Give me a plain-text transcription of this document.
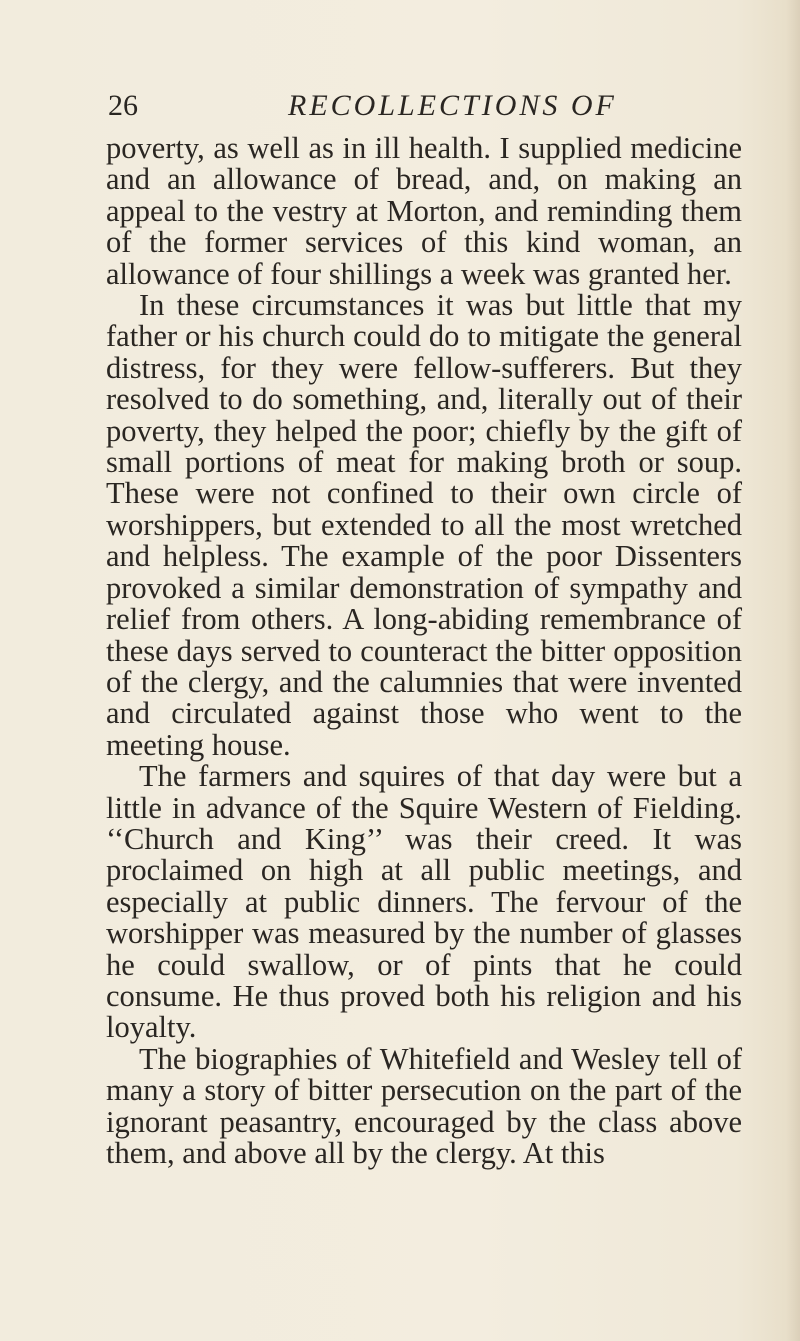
26	RECOLLECTIONS OF

poverty, as well as in ill health. I supplied medicine and an allowance of bread, and, on making an appeal to the vestry at Morton, and reminding them of the former services of this kind woman, an allowance of four shillings a week was granted her.

In these circumstances it was but little that my father or his church could do to mitigate the general distress, for they were fellow-sufferers. But they resolved to do something, and, literally out of their poverty, they helped the poor; chiefly by the gift of small portions of meat for making broth or soup. These were not confined to their own circle of worshippers, but extended to all the most wretched and helpless. The example of the poor Dissenters provoked a similar demonstration of sympathy and relief from others. A long-abiding remembrance of these days served to counteract the bitter opposition of the clergy, and the calumnies that were invented and circulated against those who went to the meeting house.

The farmers and squires of that day were but a little in advance of the Squire Western of Fielding. ‘‘Church and King’’ was their creed. It was proclaimed on high at all public meetings, and especially at public dinners. The fervour of the worshipper was measured by the number of glasses he could swallow, or of pints that he could consume. He thus proved both his religion and his loyalty.

The biographies of Whitefield and Wesley tell of many a story of bitter persecution on the part of the ignorant peasantry, encouraged by the class above them, and above all by the clergy. At this
